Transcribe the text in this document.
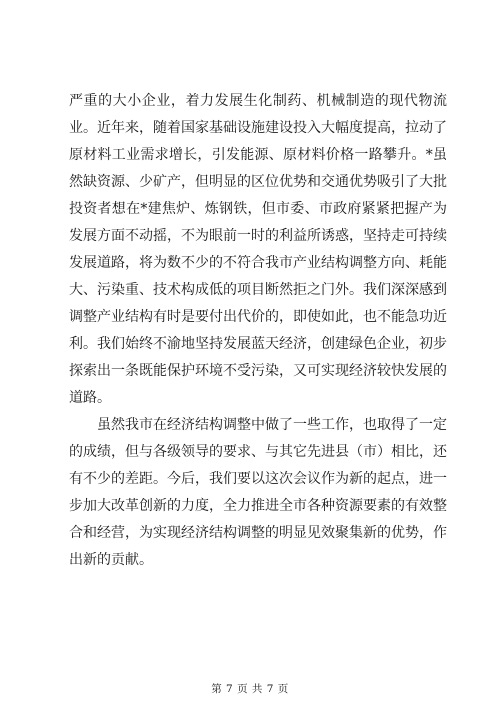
严重的大小企业，着力发展生化制药、机械制造的现代物流业。近年来，随着国家基础设施建设投入大幅度提高，拉动了原材料工业需求增长，引发能源、原材料价格一路攀升。*虽然缺资源、少矿产，但明显的区位优势和交通优势吸引了大批投资者想在*建焦炉、炼钢铁，但市委、市政府紧紧把握产为发展方面不动摇，不为眼前一时的利益所诱惑，坚持走可持续发展道路，将为数不少的不符合我市产业结构调整方向、耗能大、污染重、技术构成低的项目断然拒之门外。我们深深感到调整产业结构有时是要付出代价的，即使如此，也不能急功近利。我们始终不渝地坚持发展蓝天经济，创建绿色企业，初步探索出一条既能保护环境不受污染，又可实现经济较快发展的道路。

虽然我市在经济结构调整中做了一些工作，也取得了一定的成绩，但与各级领导的要求、与其它先进县（市）相比，还有不少的差距。今后，我们要以这次会议作为新的起点，进一步加大改革创新的力度，全力推进全市各种资源要素的有效整合和经营，为实现经济结构调整的明显见效聚集新的优势，作出新的贡献。

第 7 页 共 7 页
